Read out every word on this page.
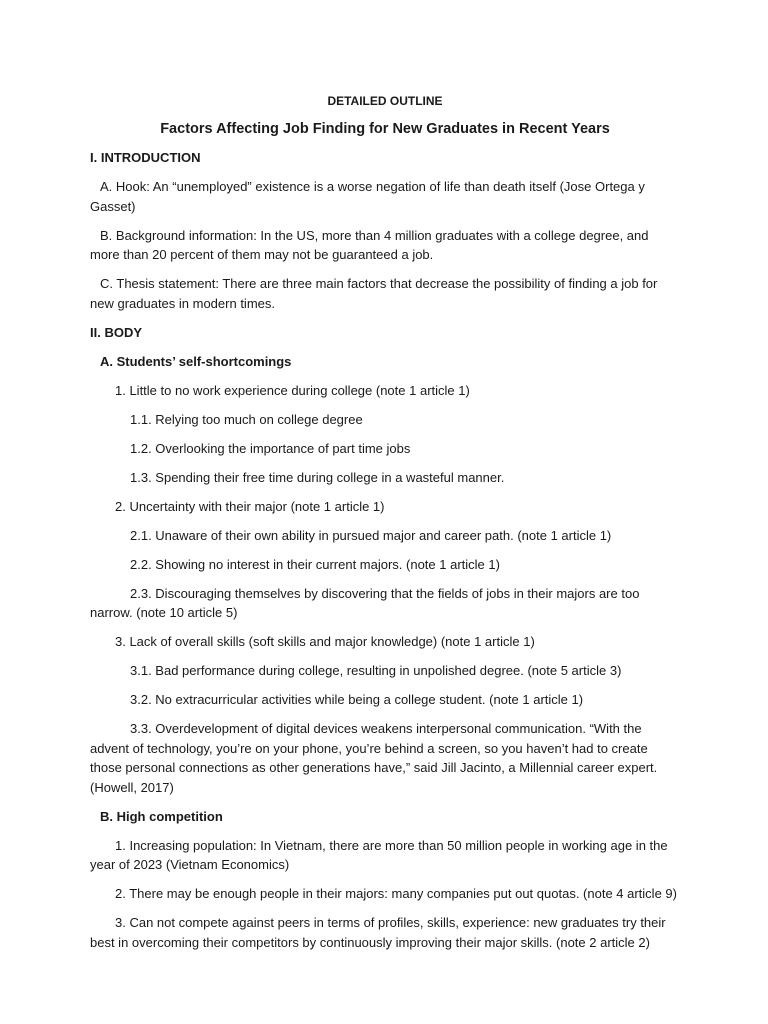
DETAILED OUTLINE
Factors Affecting Job Finding for New Graduates in Recent Years

I. INTRODUCTION

A. Hook: An “unemployed” existence is a worse negation of life than death itself (Jose Ortega y Gasset)

B. Background information: In the US, more than 4 million graduates with a college degree, and more than 20 percent of them may not be guaranteed a job.

C. Thesis statement: There are three main factors that decrease the possibility of finding a job for new graduates in modern times.

II. BODY

A. Students’ self-shortcomings

1. Little to no work experience during college (note 1 article 1)

1.1. Relying too much on college degree

1.2. Overlooking the importance of part time jobs

1.3. Spending their free time during college in a wasteful manner.

2. Uncertainty with their major (note 1 article 1)

2.1. Unaware of their own ability in pursued major and career path. (note 1 article 1)

2.2. Showing no interest in their current majors. (note 1 article 1)

2.3. Discouraging themselves by discovering that the fields of jobs in their majors are too narrow. (note 10 article 5)

3. Lack of overall skills (soft skills and major knowledge) (note 1 article 1)

3.1. Bad performance during college, resulting in unpolished degree. (note 5 article 3)

3.2. No extracurricular activities while being a college student. (note 1 article 1)

3.3. Overdevelopment of digital devices weakens interpersonal communication. “With the advent of technology, you’re on your phone, you’re behind a screen, so you haven’t had to create those personal connections as other generations have,” said Jill Jacinto, a Millennial career expert. (Howell, 2017)

B. High competition

1. Increasing population: In Vietnam, there are more than 50 million people in working age in the year of 2023 (Vietnam Economics)

2. There may be enough people in their majors: many companies put out quotas. (note 4 article 9)

3. Can not compete against peers in terms of profiles, skills, experience: new graduates try their best in overcoming their competitors by continuously improving their major skills. (note 2 article 2)
